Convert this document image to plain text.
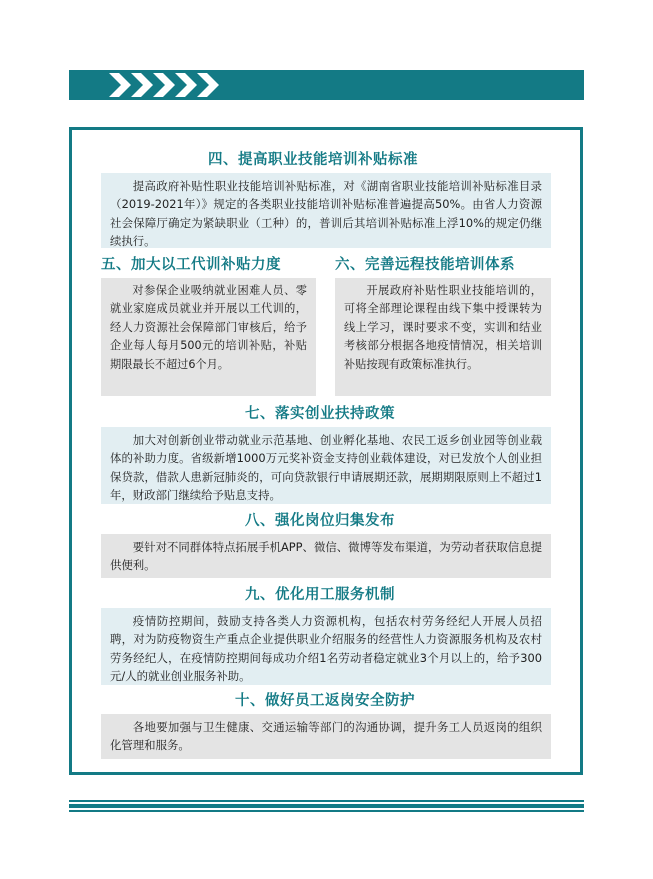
四、提高职业技能培训补贴标准

提高政府补贴性职业技能培训补贴标准，对《湖南省职业技能培训补贴标准目录（2019-2021年）》规定的各类职业技能培训补贴标准普遍提高50%。由省人力资源社会保障厅确定为紧缺职业（工种）的，普训后其培训补贴标准上浮10%的规定仍继续执行。

五、加大以工代训补贴力度

对参保企业吸纳就业困难人员、零就业家庭成员就业并开展以工代训的，经人力资源社会保障部门审核后，给予企业每人每月500元的培训补贴，补贴期限最长不超过6个月。

六、完善远程技能培训体系

开展政府补贴性职业技能培训的，可将全部理论课程由线下集中授课转为线上学习，课时要求不变，实训和结业考核部分根据各地疫情情况，相关培训补贴按现有政策标准执行。

七、落实创业扶持政策

加大对创新创业带动就业示范基地、创业孵化基地、农民工返乡创业园等创业载体的补助力度。省级新增1000万元奖补资金支持创业载体建设，对已发放个人创业担保贷款，借款人患新冠肺炎的，可向贷款银行申请展期还款，展期期限原则上不超过1年，财政部门继续给予贴息支持。

八、强化岗位归集发布

要针对不同群体特点拓展手机APP、微信、微博等发布渠道，为劳动者获取信息提供便利。

九、优化用工服务机制

疫情防控期间，鼓励支持各类人力资源机构，包括农村劳务经纪人开展人员招聘，对为防疫物资生产重点企业提供职业介绍服务的经营性人力资源服务机构及农村劳务经纪人，在疫情防控期间每成功介绍1名劳动者稳定就业3个月以上的，给予300元/人的就业创业服务补助。

十、做好员工返岗安全防护

各地要加强与卫生健康、交通运输等部门的沟通协调，提升务工人员返岗的组织化管理和服务。
